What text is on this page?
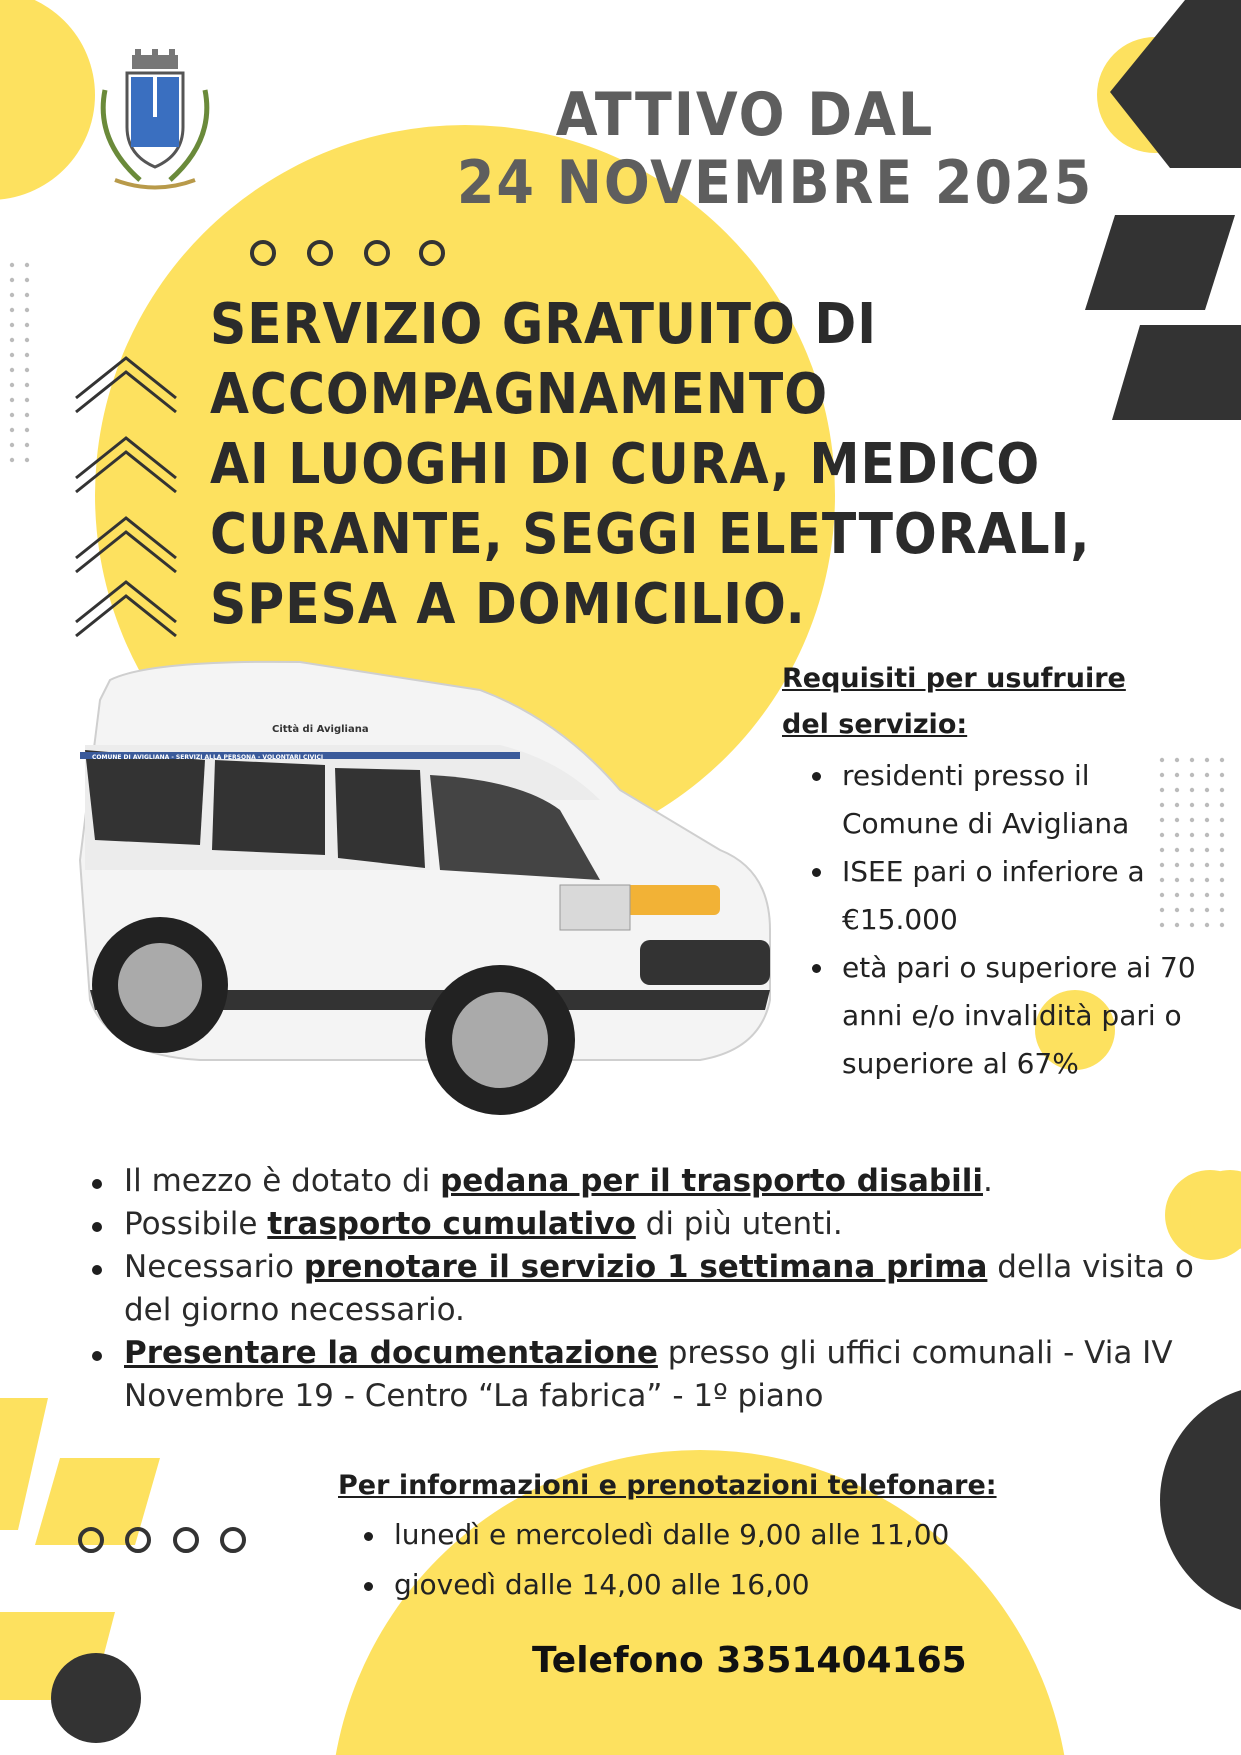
ATTIVO DAL
24 NOVEMBRE 2025
SERVIZIO GRATUITO DI
ACCOMPAGNAMENTO
AI LUOGHI DI CURA, MEDICO
CURANTE, SEGGI ELETTORALI,
SPESA A DOMICILIO.
Città di Avigliana
COMUNE DI AVIGLIANA - SERVIZI ALLA PERSONA - VOLONTARI CIVICI
Requisiti per usufruire
del servizio:
residenti presso il Comune di Avigliana
ISEE pari o inferiore a €15.000
età pari o superiore ai 70 anni e/o invalidità pari o superiore al 67%
Il mezzo è dotato di pedana per il trasporto disabili.
Possibile trasporto cumulativo di più utenti.
Necessario prenotare il servizio 1 settimana prima della visita o del giorno necessario.
Presentare la documentazione presso gli uffici comunali - Via IV Novembre 19 - Centro “La fabrica” - 1º piano
Per informazioni e prenotazioni telefonare:
lunedì e mercoledì dalle 9,00 alle 11,00
giovedì dalle 14,00 alle 16,00
Telefono 3351404165
